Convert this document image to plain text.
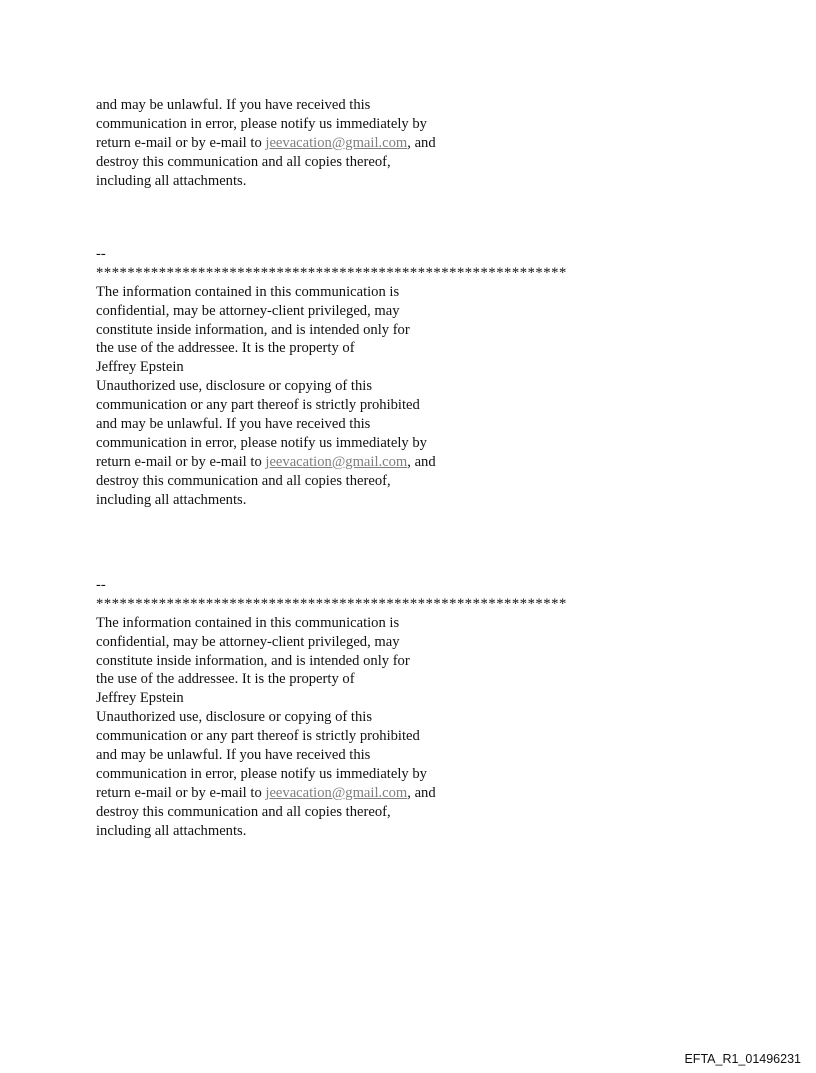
and may be unlawful. If you have received this
communication in error, please notify us immediately by
return e-mail or by e-mail to jeevacation@gmail.com, and
destroy this communication and all copies thereof,
including all attachments.
--
************************************************************
The information contained in this communication is
confidential, may be attorney-client privileged, may
constitute inside information, and is intended only for
the use of the addressee. It is the property of
Jeffrey Epstein
Unauthorized use, disclosure or copying of this
communication or any part thereof is strictly prohibited
and may be unlawful. If you have received this
communication in error, please notify us immediately by
return e-mail or by e-mail to jeevacation@gmail.com, and
destroy this communication and all copies thereof,
including all attachments.
--
************************************************************
The information contained in this communication is
confidential, may be attorney-client privileged, may
constitute inside information, and is intended only for
the use of the addressee. It is the property of
Jeffrey Epstein
Unauthorized use, disclosure or copying of this
communication or any part thereof is strictly prohibited
and may be unlawful. If you have received this
communication in error, please notify us immediately by
return e-mail or by e-mail to jeevacation@gmail.com, and
destroy this communication and all copies thereof,
including all attachments.
EFTA_R1_01496231
